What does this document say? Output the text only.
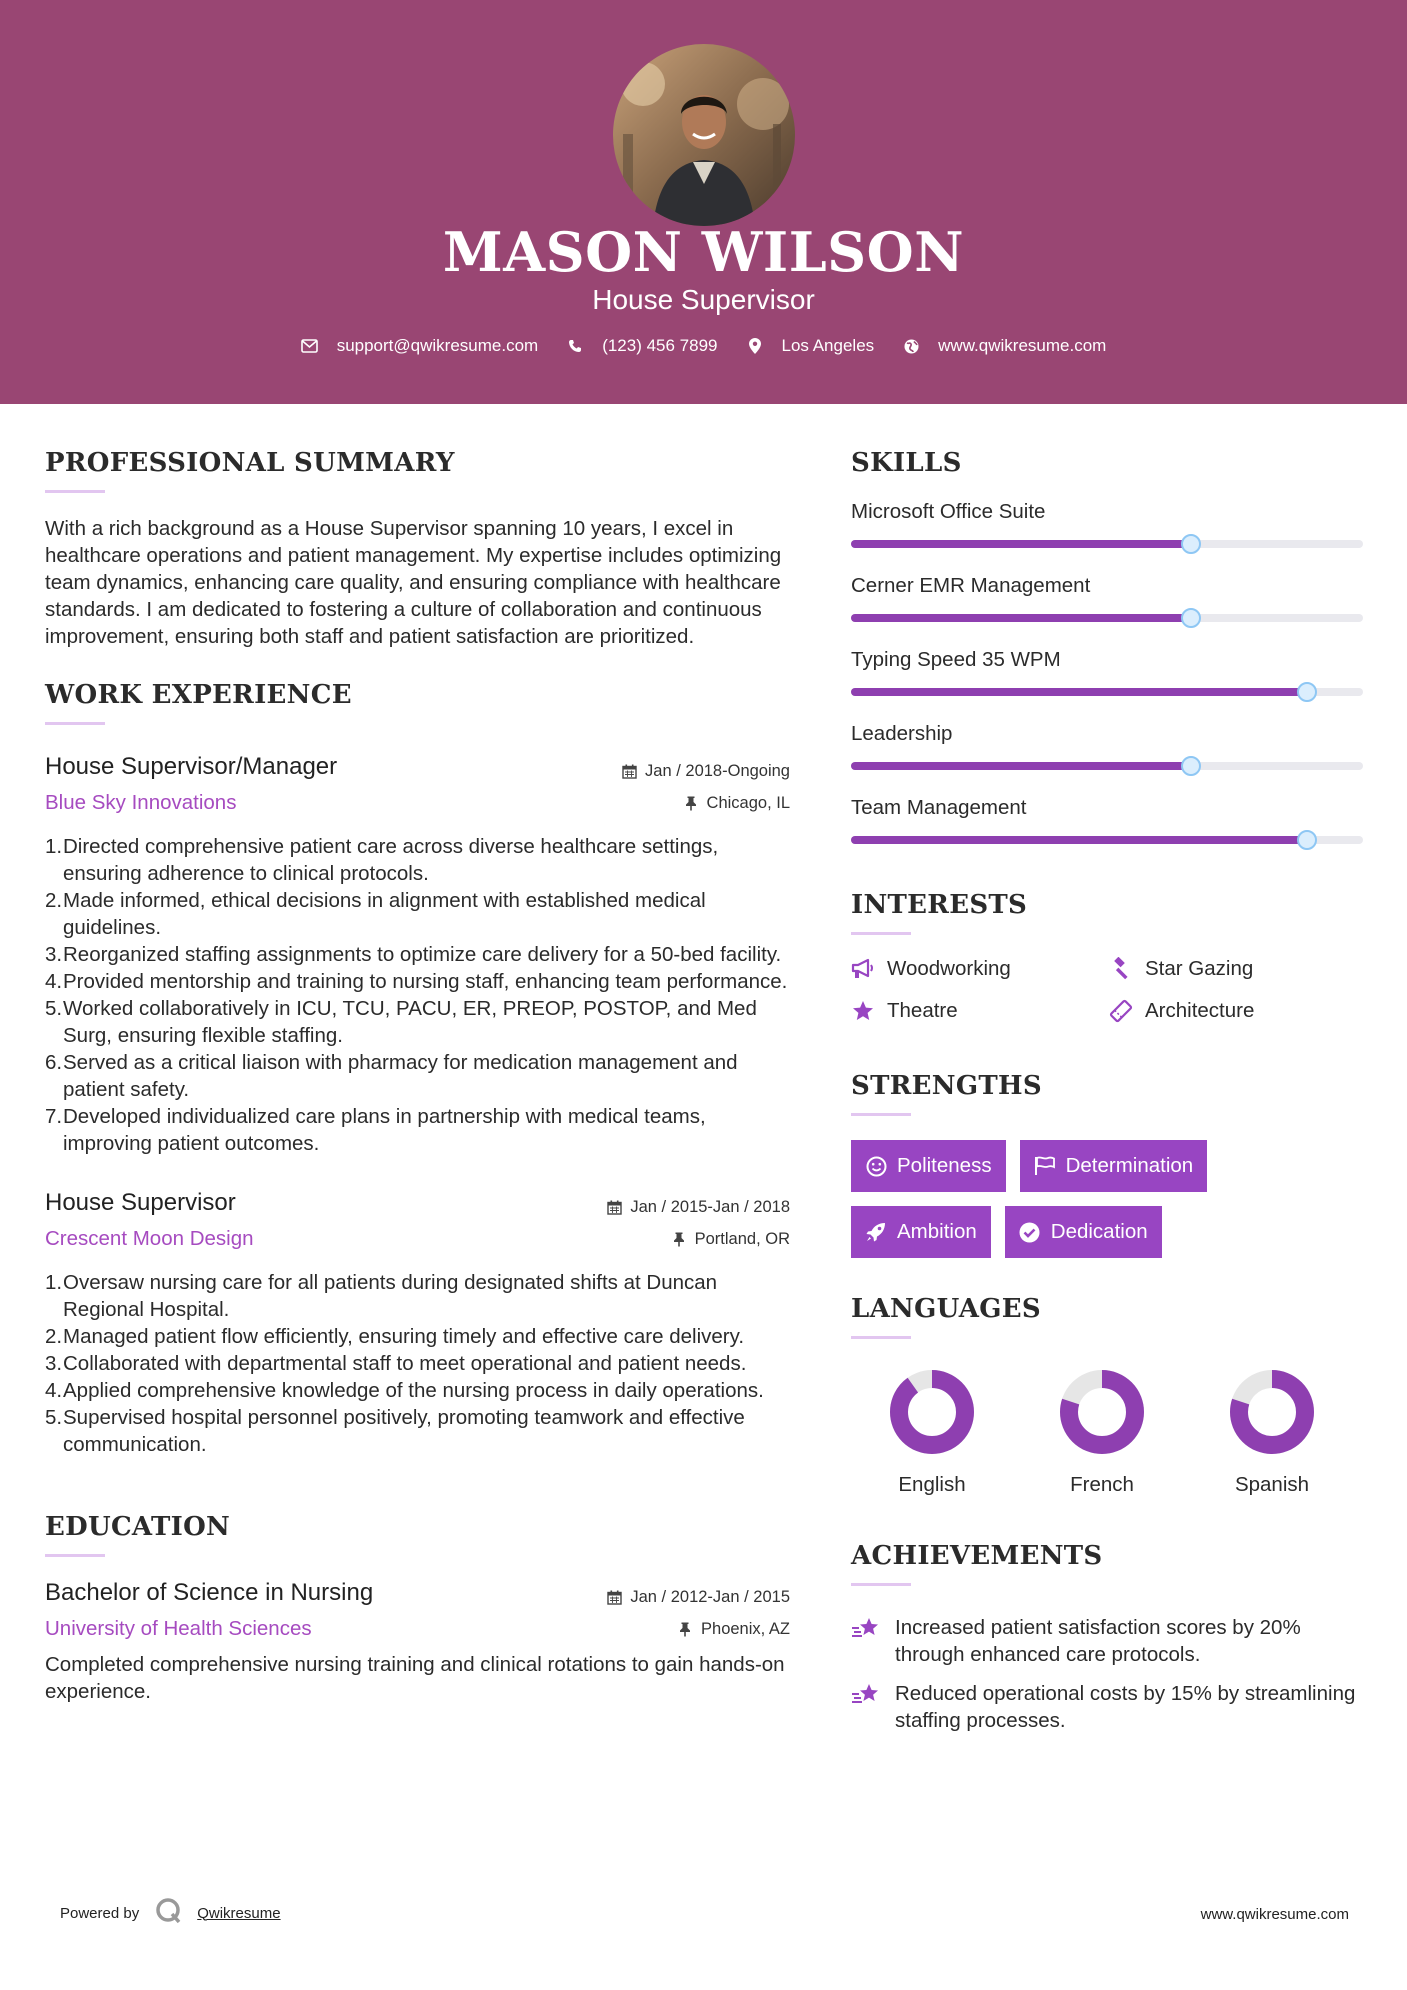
MASON WILSON
House Supervisor
support@qwikresume.com	(123) 456 7899	Los Angeles	www.qwikresume.com
PROFESSIONAL SUMMARY
With a rich background as a House Supervisor spanning 10 years, I excel in healthcare operations and patient management. My expertise includes optimizing team dynamics, enhancing care quality, and ensuring compliance with healthcare standards. I am dedicated to fostering a culture of collaboration and continuous improvement, ensuring both staff and patient satisfaction are prioritized.
WORK EXPERIENCE
House Supervisor/Manager	Jan / 2018-Ongoing
Blue Sky Innovations	Chicago, IL
1. Directed comprehensive patient care across diverse healthcare settings, ensuring adherence to clinical protocols.
2. Made informed, ethical decisions in alignment with established medical guidelines.
3. Reorganized staffing assignments to optimize care delivery for a 50-bed facility.
4. Provided mentorship and training to nursing staff, enhancing team performance.
5. Worked collaboratively in ICU, TCU, PACU, ER, PREOP, POSTOP, and Med Surg, ensuring flexible staffing.
6. Served as a critical liaison with pharmacy for medication management and patient safety.
7. Developed individualized care plans in partnership with medical teams, improving patient outcomes.
House Supervisor	Jan / 2015-Jan / 2018
Crescent Moon Design	Portland, OR
1. Oversaw nursing care for all patients during designated shifts at Duncan Regional Hospital.
2. Managed patient flow efficiently, ensuring timely and effective care delivery.
3. Collaborated with departmental staff to meet operational and patient needs.
4. Applied comprehensive knowledge of the nursing process in daily operations.
5. Supervised hospital personnel positively, promoting teamwork and effective communication.
EDUCATION
Bachelor of Science in Nursing	Jan / 2012-Jan / 2015
University of Health Sciences	Phoenix, AZ
Completed comprehensive nursing training and clinical rotations to gain hands-on experience.
SKILLS
Microsoft Office Suite
Cerner EMR Management
Typing Speed 35 WPM
Leadership
Team Management
INTERESTS
Woodworking	Star Gazing
Theatre	Architecture
STRENGTHS
Politeness	Determination
Ambition	Dedication
LANGUAGES
English	French	Spanish
ACHIEVEMENTS
Increased patient satisfaction scores by 20% through enhanced care protocols.
Reduced operational costs by 15% by streamlining staffing processes.
Powered by	Qwikresume	www.qwikresume.com
